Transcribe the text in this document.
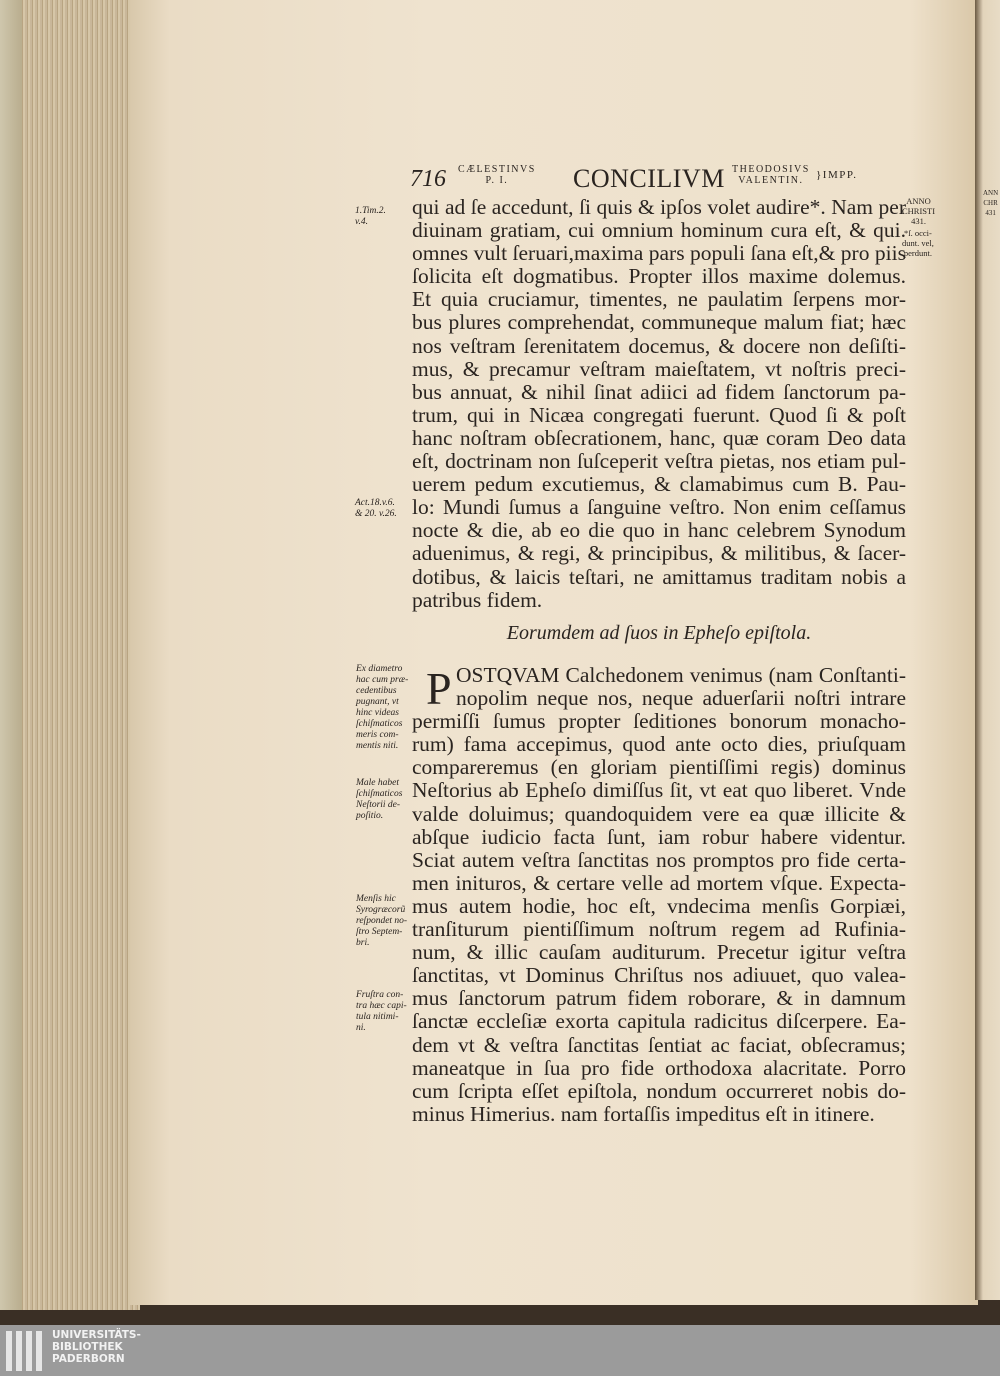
ANN
CHR
431
716 CÆLESTINVS
P. I.	CONCILIVM THEODOSIVS
VALENTIN.	}IMPP.
qui ad ſe accedunt, ſi quis & ipſos volet audire*. Nam per
diuinam gratiam, cui omnium hominum cura eſt, & qui.
omnes vult ſeruari,maxima pars populi ſana eſt,& pro piis
ſolicita eſt dogmatibus. Propter illos maxime dolemus.
Et quia cruciamur, timentes, ne paulatim ſerpens mor-
bus plures comprehendat, communeque malum fiat; hæc
nos veſtram ſerenitatem docemus, & docere non deſiſti-
mus, & precamur veſtram maieſtatem, vt noſtris preci-
bus annuat, & nihil ſinat adiici ad fidem ſanctorum pa-
trum, qui in Nicæa congregati fuerunt. Quod ſi & poſt
hanc noſtram obſecrationem, hanc, quæ coram Deo data
eſt, doctrinam non ſuſceperit veſtra pietas, nos etiam pul-
uerem pedum excutiemus, & clamabimus cum B. Pau-
lo: Mundi ſumus a ſanguine veſtro. Non enim ceſſamus
nocte & die, ab eo die quo in hanc celebrem Synodum
aduenimus, & regi, & principibus, & militibus, & ſacer-
dotibus, & laicis teſtari, ne amittamus traditam nobis a
patribus fidem.
Eorumdem ad ſuos in Epheſo epiſtola.
P OSTQVAM Calchedonem venimus (nam Conſtanti-
nopolim neque nos, neque aduerſarii noſtri intrare
permiſſi ſumus propter ſeditiones bonorum monacho-
rum) fama accepimus, quod ante octo dies, priuſquam
compareremus (en gloriam pientiſſimi regis) dominus
Neſtorius ab Epheſo dimiſſus ſit, vt eat quo liberet. Vnde
valde doluimus; quandoquidem vere ea quæ illicite &
abſque iudicio facta ſunt, iam robur habere videntur.
Sciat autem veſtra ſanctitas nos promptos pro fide certa-
men inituros, & certare velle ad mortem vſque. Expecta-
mus autem hodie, hoc eſt, vndecima menſis Gorpiæi,
tranſiturum pientiſſimum noſtrum regem ad Rufinia-
num, & illic cauſam auditurum. Precetur igitur veſtra
ſanctitas, vt Dominus Chriſtus nos adiuuet, quo valea-
mus ſanctorum patrum fidem roborare, & in damnum
ſanctæ eccleſiæ exorta capitula radicitus diſcerpere. Ea-
dem vt & veſtra ſanctitas ſentiat ac faciat, obſecramus;
maneatque in ſua pro fide orthodoxa alacritate. Porro
cum ſcripta eſſet epiſtola, nondum occurreret nobis do-
minus Himerius. nam fortaſſis impeditus eſt in itinere.
1.Tim.2.
v.4.
Act.18.v.6.
& 20. v.26.
Ex diametro
hac cum præ-
cedentibus
pugnant, vt
hinc videas
ſchiſmaticos
meris com-
mentis niti.
Male habet
ſchiſmaticos
Neſtorii de-
poſitio.
Menſis hic
Syrogræcorũ
reſpondet no-
ſtro Septem-
bri.
Fruſtra con-
tra hæc capi-
tula nitimi-
ni.
ANNO
CHRISTI
431.
*ſ. occi-
dunt. vel,
perdunt.
UNIVERSITÄTS-
BIBLIOTHEK
PADERBORN
